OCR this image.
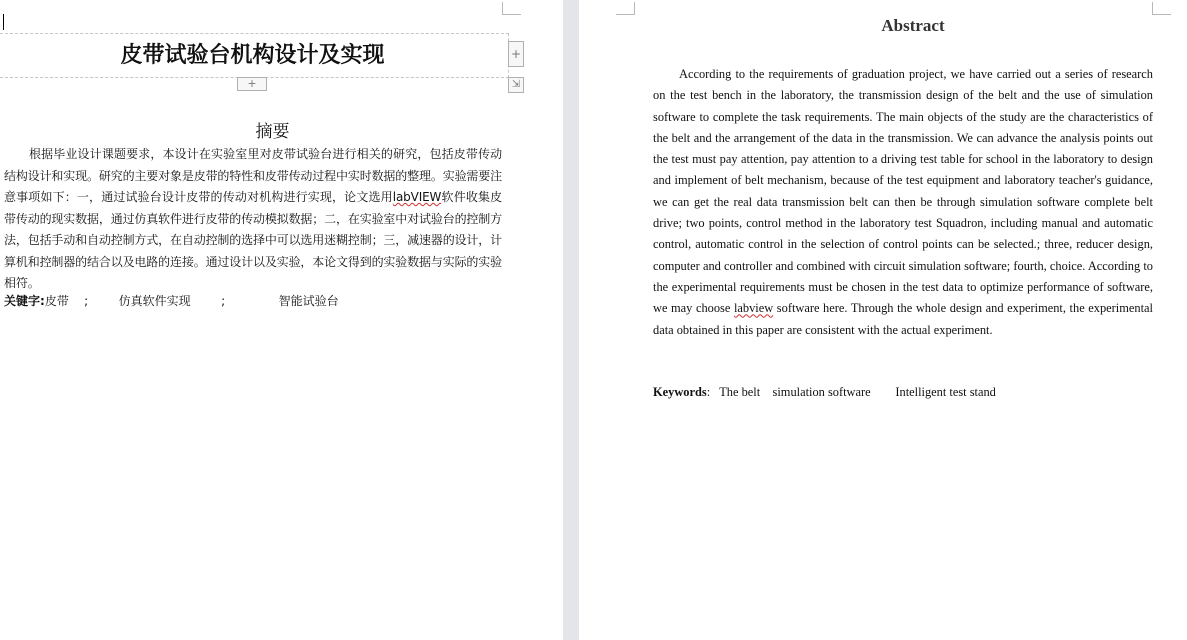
皮带试验台机构设计及实现	+
+	⇲
摘要

根据毕业设计课题要求，本设计在实验室里对皮带试验台进行相关的研究，包括皮带传动结构设计和实现。研究的主要对象是皮带的特性和皮带传动过程中实时数据的整理。实验需要注意事项如下：一，通过试验台设计皮带的传动对机构进行实现，论文选用labVIEW软件收集皮带传动的现实数据，通过仿真软件进行皮带的传动模拟数据；二，在实验室中对试验台的控制方法，包括手动和自动控制方式，在自动控制的选择中可以选用迷糊控制；三，减速器的设计，计算机和控制器的结合以及电路的连接。通过设计以及实验，本论文得到的实验数据与实际的实验相符。

关键字:皮带    ;        仿真软件实现        ;              智能试验台
Abstract

According to the requirements of graduation project, we have carried out a series of research on the test bench in the laboratory, the transmission design of the belt and the use of simulation software to complete the task requirements. The main objects of the study are the characteristics of the belt and the arrangement of the data in the transmission. We can advance the analysis points out the test must pay attention, pay attention to a driving test table for school in the laboratory to design and implement of belt mechanism, because of the test equipment and laboratory teacher's guidance, we can get the real data transmission belt can then be through simulation software complete belt drive; two points, control method in the laboratory test Squadron, including manual and automatic control, automatic control in the selection of control points can be selected.; three, reducer design, computer and controller and combined with circuit simulation software; fourth, choice. According to the experimental requirements must be chosen in the test data to optimize performance of software, we may choose labview software here. Through the whole design and experiment, the experimental data obtained in this paper are consistent with the actual experiment.

Keywords:   The belt    simulation software        Intelligent test stand
